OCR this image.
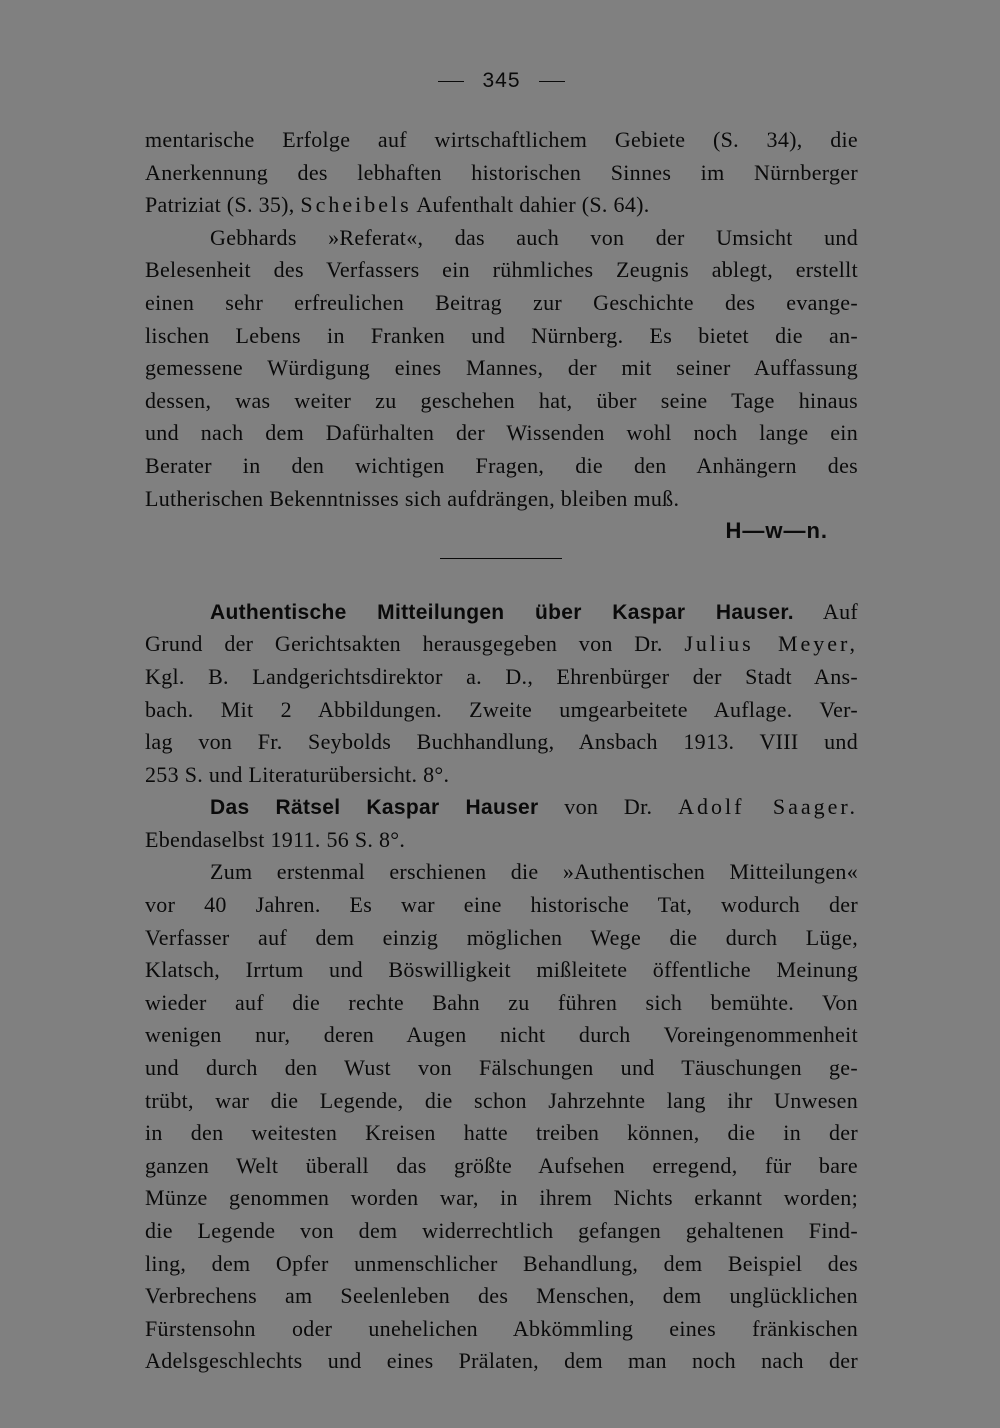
345
mentarische Erfolge auf wirtschaftlichem Gebiete (S. 34), die
Anerkennung des lebhaften historischen Sinnes im Nürnberger
Patriziat (S. 35), Scheibels Aufenthalt dahier (S. 64).
Gebhards »Referat«, das auch von der Umsicht und
Belesenheit des Verfassers ein rühmliches Zeugnis ablegt, erstellt
einen sehr erfreulichen Beitrag zur Geschichte des evange-
lischen Lebens in Franken und Nürnberg. Es bietet die an-
gemessene Würdigung eines Mannes, der mit seiner Auffassung
dessen, was weiter zu geschehen hat, über seine Tage hinaus
und nach dem Dafürhalten der Wissenden wohl noch lange ein
Berater in den wichtigen Fragen, die den Anhängern des
Lutherischen Bekenntnisses sich aufdrängen, bleiben muß.
H—w—n.
Authentische Mitteilungen über Kaspar Hauser. Auf
Grund der Gerichtsakten herausgegeben von Dr. Julius Meyer,
Kgl. B. Landgerichtsdirektor a. D., Ehrenbürger der Stadt Ans-
bach. Mit 2 Abbildungen. Zweite umgearbeitete Auflage. Ver-
lag von Fr. Seybolds Buchhandlung, Ansbach 1913. VIII und
253 S. und Literaturübersicht. 8°.
Das Rätsel Kaspar Hauser von Dr. Adolf Saager.
Ebendaselbst 1911. 56 S. 8°.
Zum erstenmal erschienen die »Authentischen Mitteilungen«
vor 40 Jahren. Es war eine historische Tat, wodurch der
Verfasser auf dem einzig möglichen Wege die durch Lüge,
Klatsch, Irrtum und Böswilligkeit mißleitete öffentliche Meinung
wieder auf die rechte Bahn zu führen sich bemühte. Von
wenigen nur, deren Augen nicht durch Voreingenommenheit
und durch den Wust von Fälschungen und Täuschungen ge-
trübt, war die Legende, die schon Jahrzehnte lang ihr Unwesen
in den weitesten Kreisen hatte treiben können, die in der
ganzen Welt überall das größte Aufsehen erregend, für bare
Münze genommen worden war, in ihrem Nichts erkannt worden;
die Legende von dem widerrechtlich gefangen gehaltenen Find-
ling, dem Opfer unmenschlicher Behandlung, dem Beispiel des
Verbrechens am Seelenleben des Menschen, dem unglücklichen
Fürstensohn oder unehelichen Abkömmling eines fränkischen
Adelsgeschlechts und eines Prälaten, dem man noch nach der
